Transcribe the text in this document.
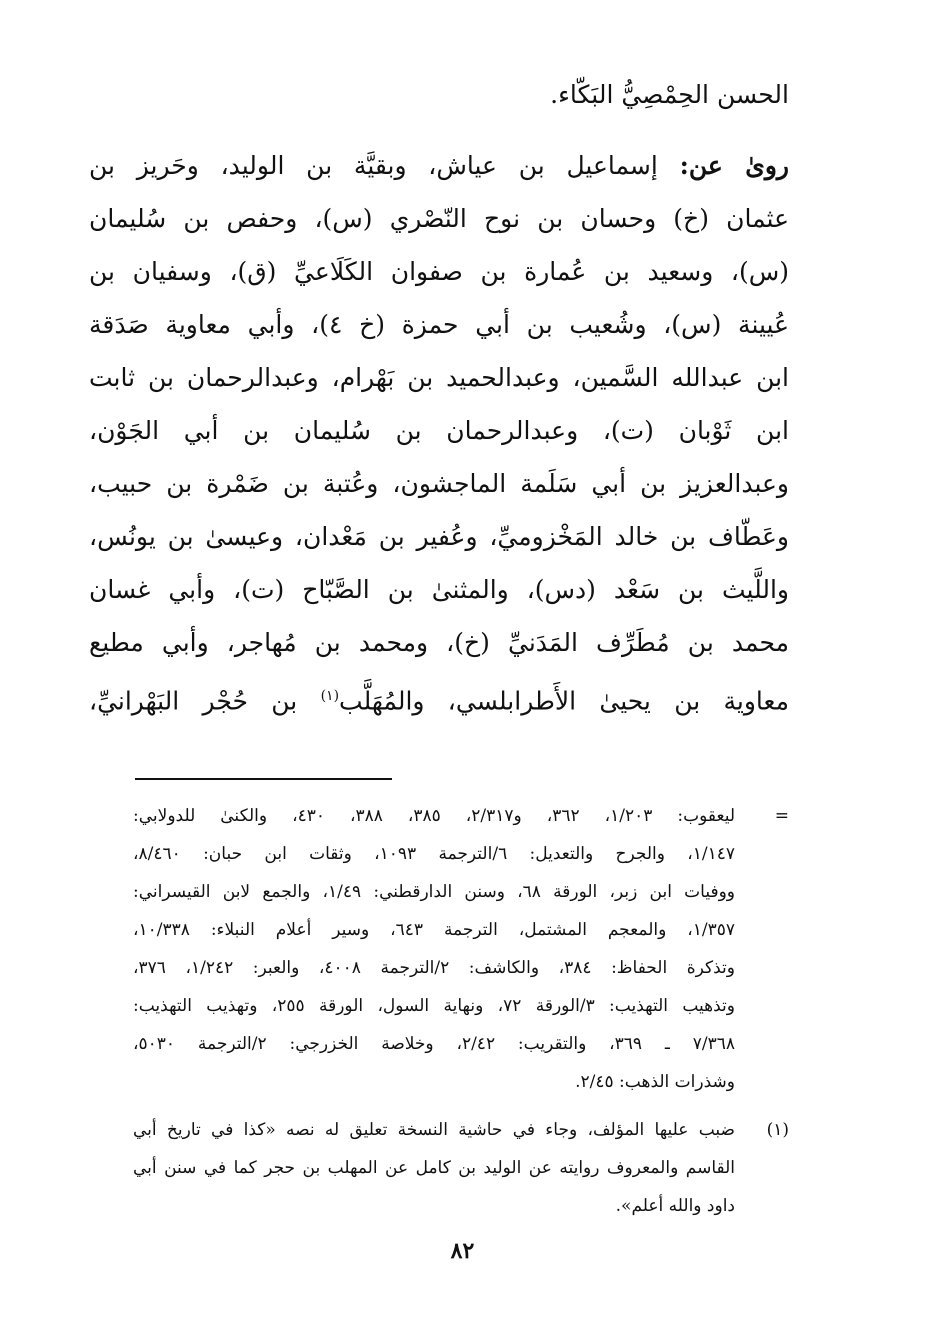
الحسن الحِمْصِيُّ البَكّاء.
روىٰ عن: إسماعيل بن عياش، وبقيَّة بن الوليد، وحَريز بن
عثمان (خ) وحسان بن نوح النّصْري (س)، وحفص بن سُليمان
(س)، وسعيد بن عُمارة بن صفوان الكَلَاعيِّ (ق)، وسفيان بن
عُيينة (س)، وشُعيب بن أبي حمزة (خ ٤)، وأبي معاوية صَدَقة
ابن عبدالله السَّمين، وعبدالحميد بن بَهْرام، وعبدالرحمان بن ثابت
ابن ثَوْبان (ت)، وعبدالرحمان بن سُليمان بن أبي الجَوْن،
وعبدالعزيز بن أبي سَلَمة الماجشون، وعُتبة بن ضَمْرة بن حبيب،
وعَطّاف بن خالد المَخْزوميِّ، وعُفير بن مَعْدان، وعيسىٰ بن يونُس،
واللَّيث بن سَعْد (دس)، والمثنىٰ بن الصَّبّاح (ت)، وأبي غسان
محمد بن مُطَرِّف المَدَنيِّ (خ)، ومحمد بن مُهاجر، وأبي مطيع
معاوية بن يحيىٰ الأَطرابلسي، والمُهَلَّب$^{(١)}$ بن حُجْر البَهْرانيِّ،
=
ليعقوب: ١/٢٠٣، ٣٦٢، و٢/٣١٧، ٣٨٥، ٣٨٨، ٤٣٠، والكنىٰ للدولابي:
١/١٤٧، والجرح والتعديل: ٦/الترجمة ١٠٩٣، وثقات ابن حبان: ٨/٤٦٠،
ووفيات ابن زبر، الورقة ٦٨، وسنن الدارقطني: ١/٤٩، والجمع لابن القيسراني:
١/٣٥٧، والمعجم المشتمل، الترجمة ٦٤٣، وسير أعلام النبلاء: ١٠/٣٣٨،
وتذكرة الحفاظ: ٣٨٤، والكاشف: ٢/الترجمة ٤٠٠٨، والعبر: ١/٢٤٢، ٣٧٦،
وتذهيب التهذيب: ٣/الورقة ٧٢، ونهاية السول، الورقة ٢٥٥، وتهذيب التهذيب:
٧/٣٦٨ ـ ٣٦٩، والتقريب: ٢/٤٢، وخلاصة الخزرجي: ٢/الترجمة ٥٠٣٠،
وشذرات الذهب: ٢/٤٥.
(١)
ضبب عليها المؤلف، وجاء في حاشية النسخة تعليق له نصه «كذا في تاريخ أبي
القاسم والمعروف روايته عن الوليد بن كامل عن المهلب بن حجر كما في سنن أبي
داود والله أعلم».
٨٢
